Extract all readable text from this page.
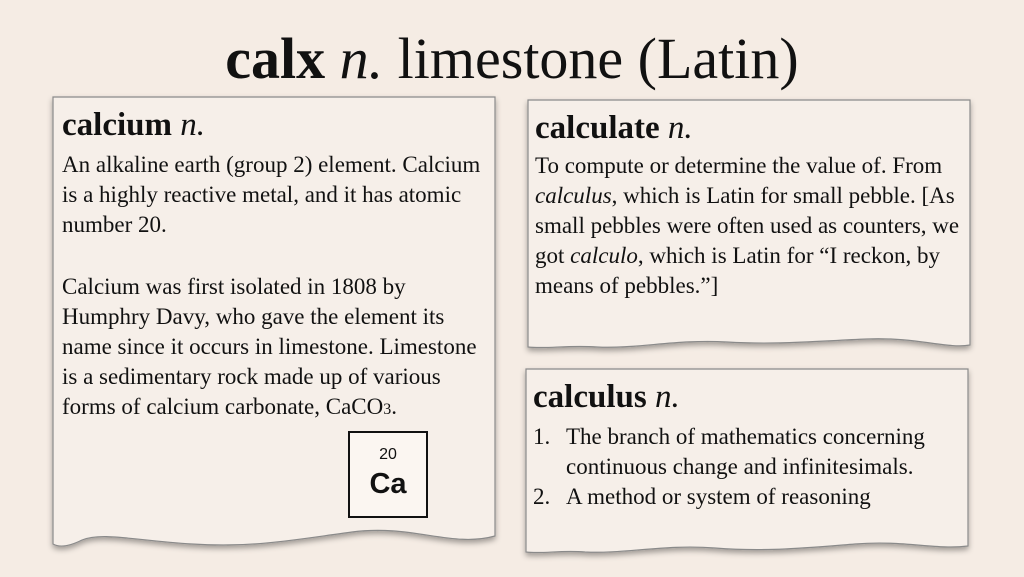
calx n. limestone (Latin)
calcium n.

An alkaline earth (group 2) element. Calcium is a highly reactive metal, and it has atomic number 20.

Calcium was first isolated in 1808 by Humphry Davy, who gave the element its name since it occurs in limestone. Limestone is a sedimentary rock made up of various forms of calcium carbonate, CaCO3.

20
Ca
calculate n.

To compute or determine the value of. From calculus, which is Latin for small pebble. [As small pebbles were often used as counters, we got calculo, which is Latin for “I reckon, by means of pebbles.”]

calculus n.
1. The branch of mathematics concerning continuous change and infinitesimals.
2. A method or system of reasoning
